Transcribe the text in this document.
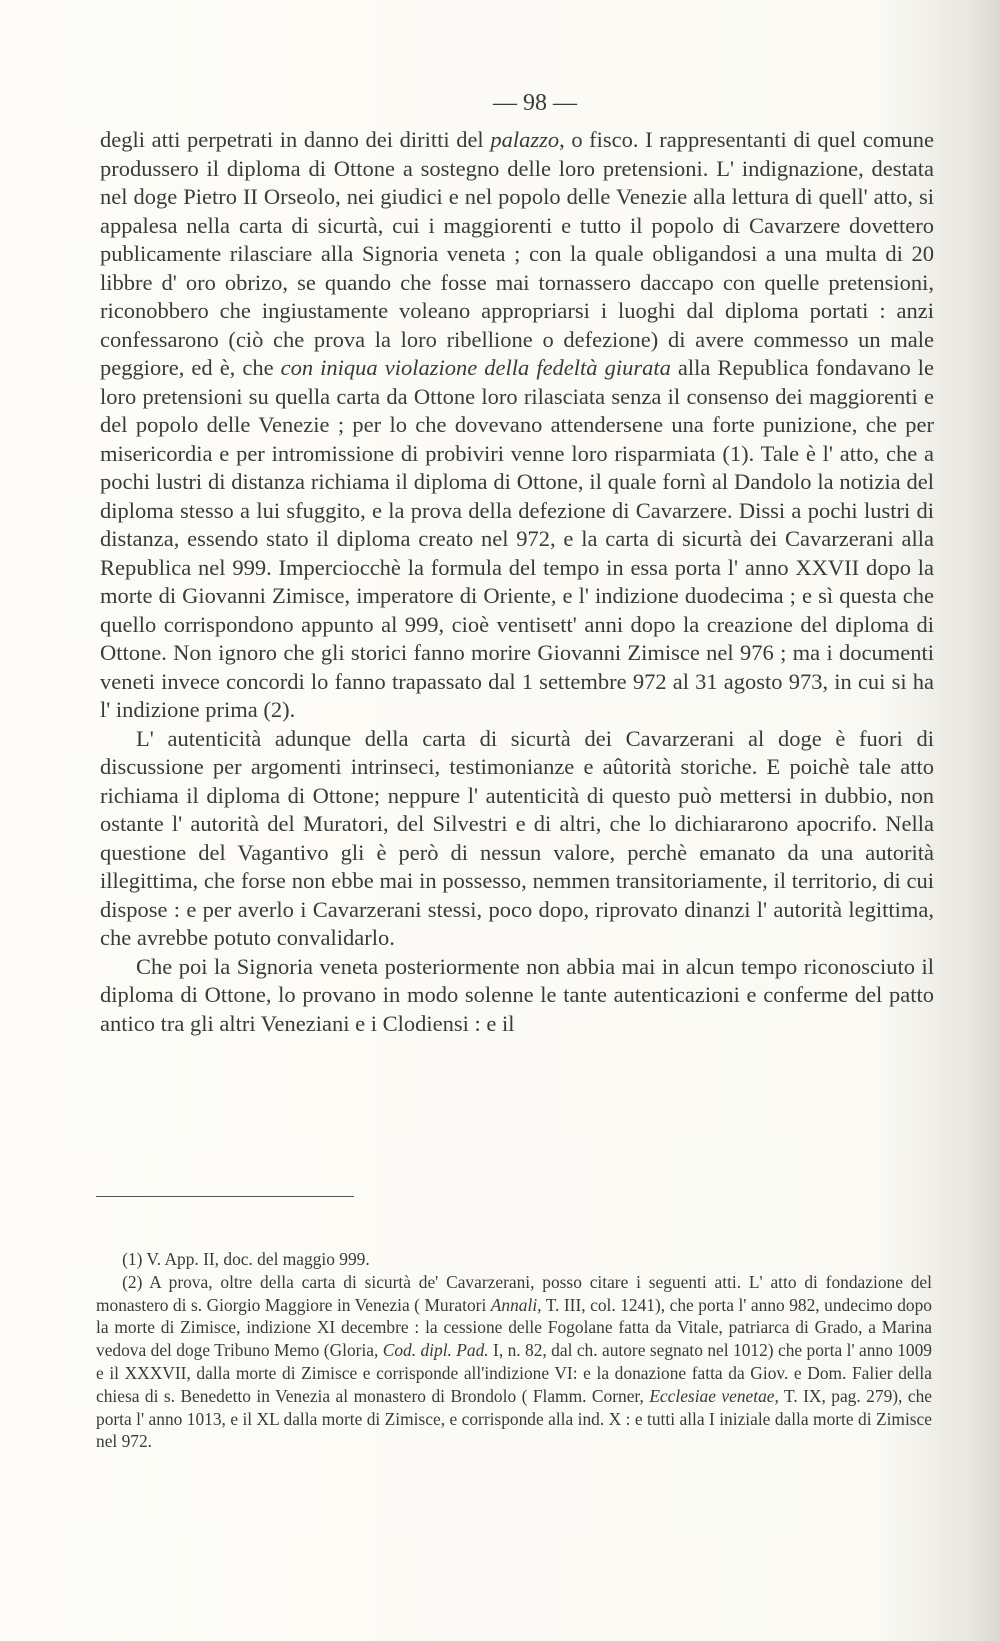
— 98 —

degli atti perpetrati in danno dei diritti del palazzo, o fisco. I rappresentanti di quel comune produssero il diploma di Ottone a sostegno delle loro pretensioni. L' indignazione, destata nel doge Pietro II Orseolo, nei giudici e nel popolo delle Venezie alla lettura di quell' atto, si appalesa nella carta di sicurtà, cui i maggiorenti e tutto il popolo di Cavarzere dovettero publicamente rilasciare alla Signoria veneta ; con la quale obligandosi a una multa di 20 libbre d' oro obrizo, se quando che fosse mai tornassero daccapo con quelle pretensioni, riconobbero che ingiustamente voleano appropriarsi i luoghi dal diploma portati : anzi confessarono (ciò che prova la loro ribellione o defezione) di avere commesso un male peggiore, ed è, che con iniqua violazione della fedeltà giurata alla Republica fondavano le loro pretensioni su quella carta da Ottone loro rilasciata senza il consenso dei maggiorenti e del popolo delle Venezie ; per lo che dovevano attendersene una forte punizione, che per misericordia e per intromissione di probiviri venne loro risparmiata (1). Tale è l' atto, che a pochi lustri di distanza richiama il diploma di Ottone, il quale fornì al Dandolo la notizia del diploma stesso a lui sfuggito, e la prova della defezione di Cavarzere. Dissi a pochi lustri di distanza, essendo stato il diploma creato nel 972, e la carta di sicurtà dei Cavarzerani alla Republica nel 999. Imperciocchè la formula del tempo in essa porta l' anno XXVII dopo la morte di Giovanni Zimisce, imperatore di Oriente, e l' indizione duodecima ; e sì questa che quello corrispondono appunto al 999, cioè ventisett' anni dopo la creazione del diploma di Ottone. Non ignoro che gli storici fanno morire Giovanni Zimisce nel 976 ; ma i documenti veneti invece concordi lo fanno trapassato dal 1 settembre 972 al 31 agosto 973, in cui si ha l' indizione prima (2).

L' autenticità adunque della carta di sicurtà dei Cavarzerani al doge è fuori di discussione per argomenti intrinseci, testimonianze e aûtorità storiche. E poichè tale atto richiama il diploma di Ottone; neppure l' autenticità di questo può mettersi in dubbio, non ostante l' autorità del Muratori, del Silvestri e di altri, che lo dichiararono apocrifo. Nella questione del Vagantivo gli è però di nessun valore, perchè emanato da una autorità illegittima, che forse non ebbe mai in possesso, nemmen transitoriamente, il territorio, di cui dispose : e per averlo i Cavarzerani stessi, poco dopo, riprovato dinanzi l' autorità legittima, che avrebbe potuto convalidarlo.

Che poi la Signoria veneta posteriormente non abbia mai in alcun tempo riconosciuto il diploma di Ottone, lo provano in modo solenne le tante autenticazioni e conferme del patto antico tra gli altri Veneziani e i Clodiensi : e il

(1) V. App. II, doc. del maggio 999.

(2) A prova, oltre della carta di sicurtà de' Cavarzerani, posso citare i seguenti atti. L' atto di fondazione del monastero di s. Giorgio Maggiore in Venezia ( Muratori Annali, T. III, col. 1241), che porta l' anno 982, undecimo dopo la morte di Zimisce, indizione XI decembre : la cessione delle Fogolane fatta da Vitale, patriarca di Grado, a Marina vedova del doge Tribuno Memo (Gloria, Cod. dipl. Pad. I, n. 82, dal ch. autore segnato nel 1012) che porta l' anno 1009 e il XXXVII, dalla morte di Zimisce e corrisponde all'indizione VI: e la donazione fatta da Giov. e Dom. Falier della chiesa di s. Benedetto in Venezia al monastero di Brondolo ( Flamm. Corner, Ecclesiae venetae, T. IX, pag. 279), che porta l' anno 1013, e il XL dalla morte di Zimisce, e corrisponde alla ind. X : e tutti alla I iniziale dalla morte di Zimisce nel 972.
